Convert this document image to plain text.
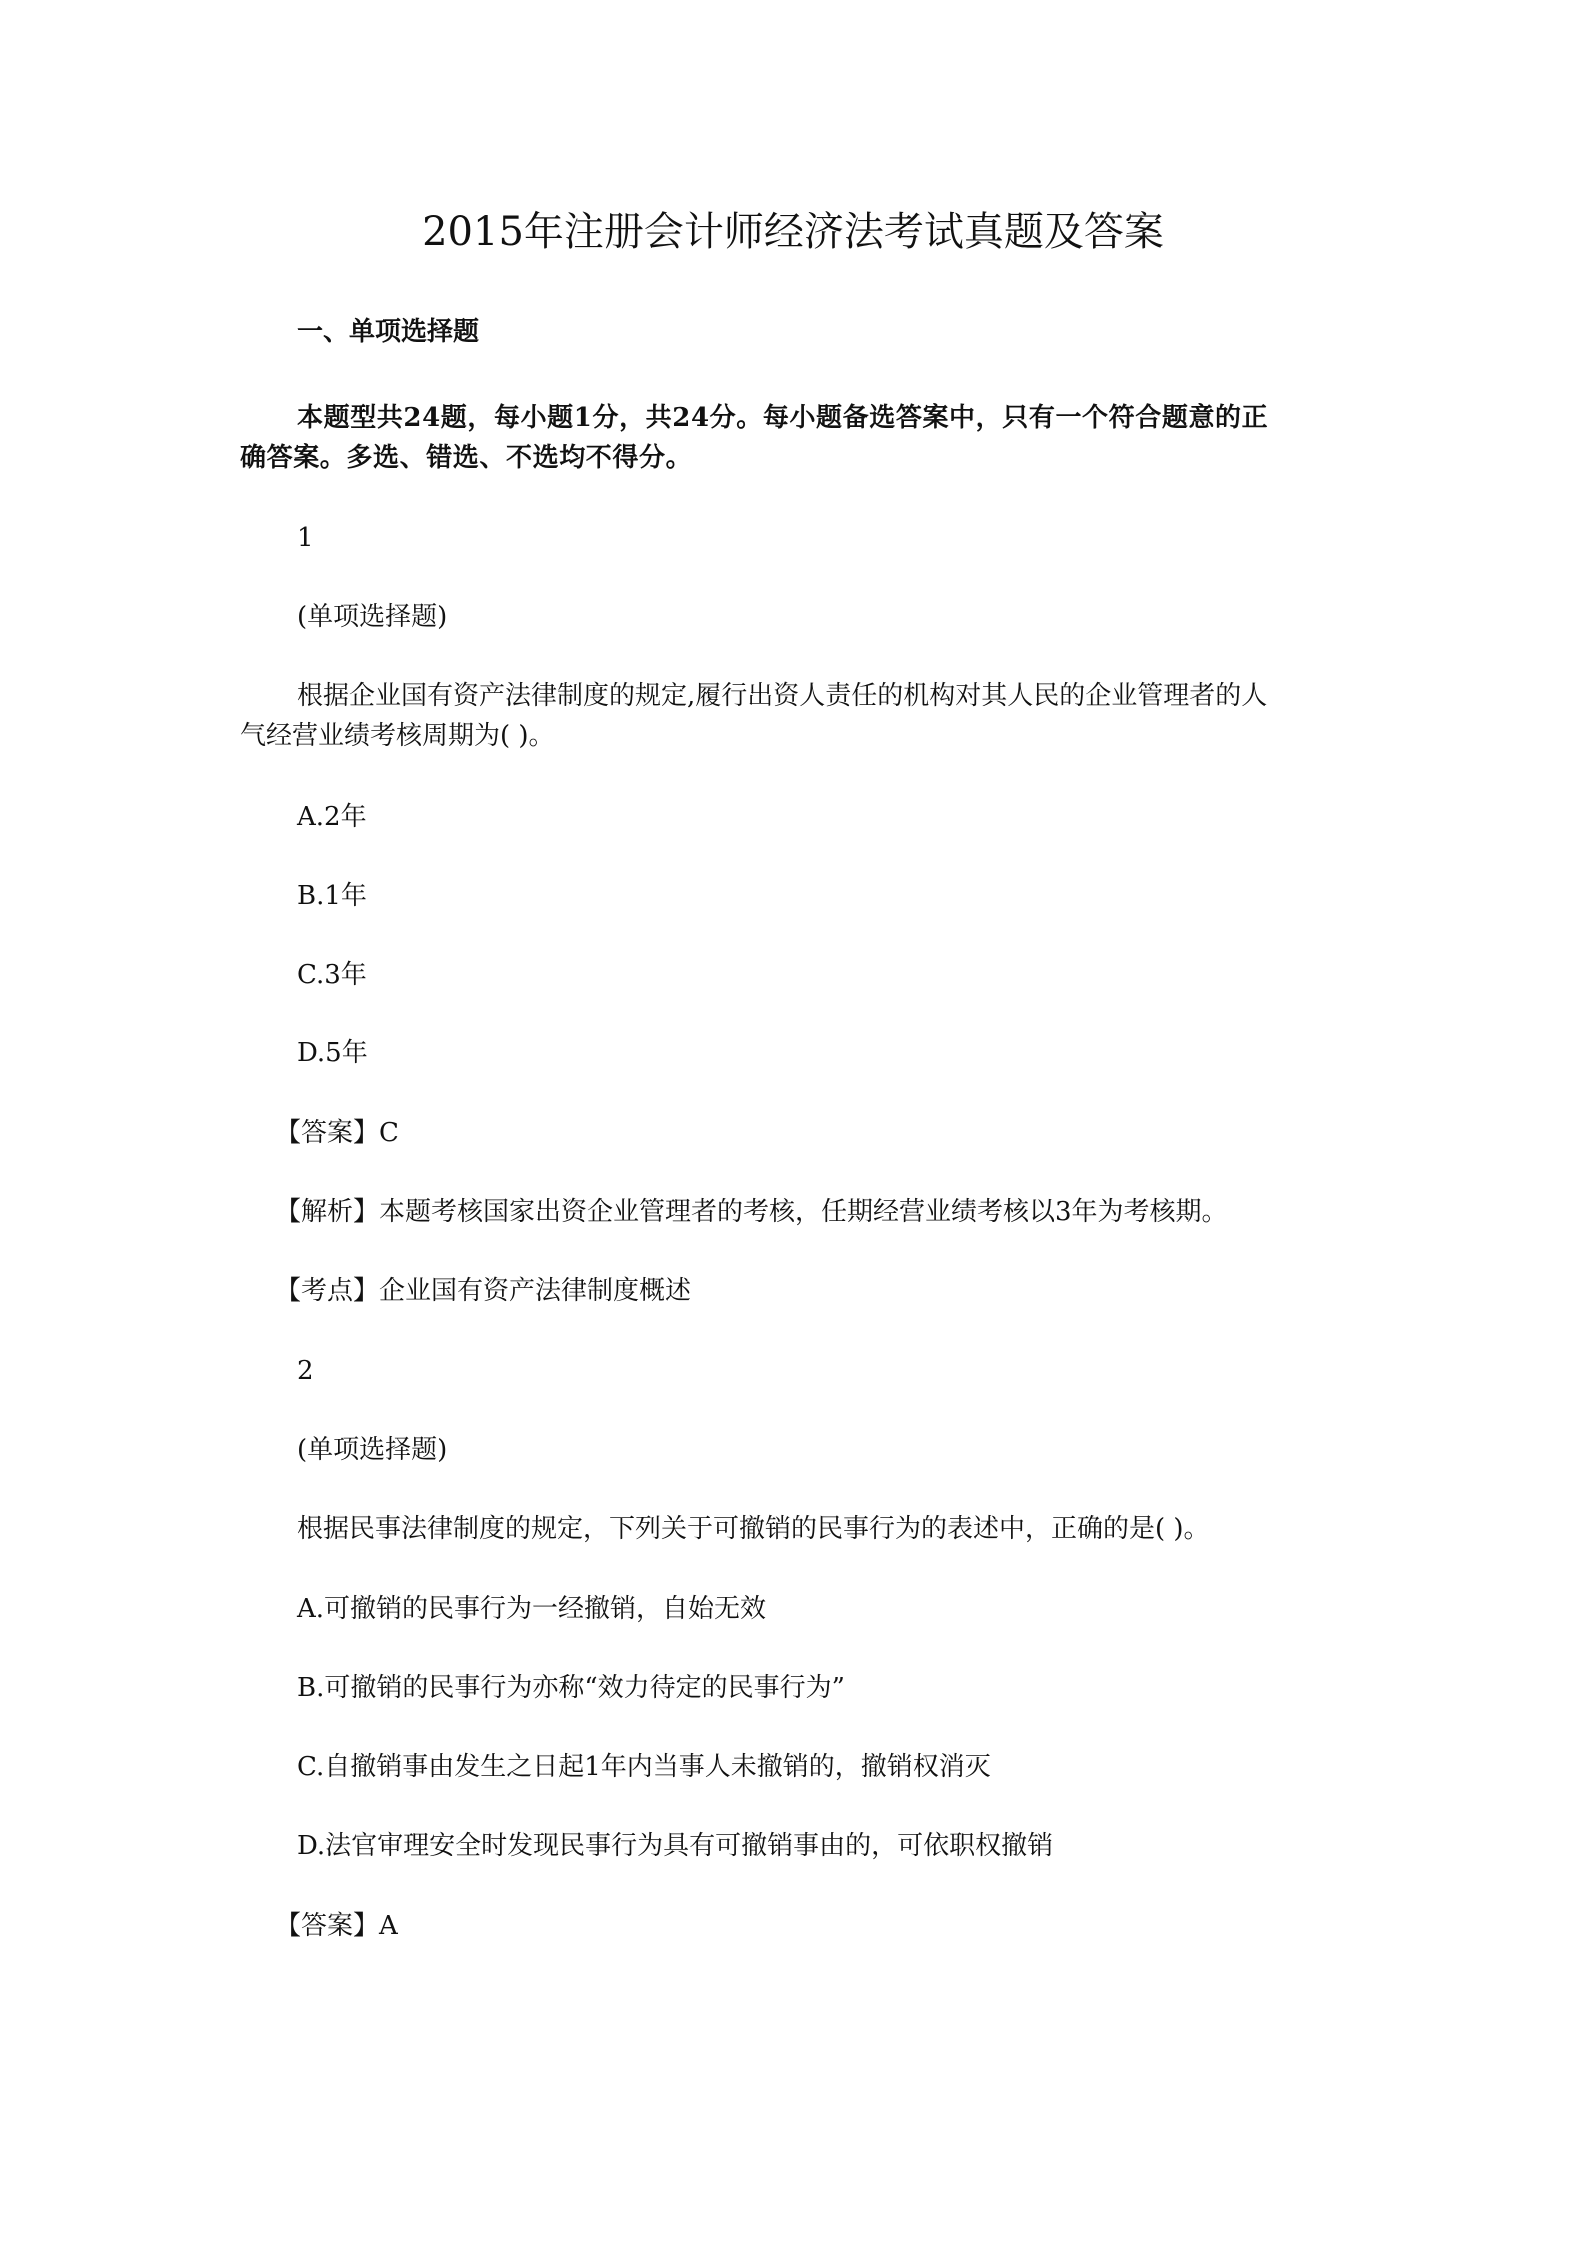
2015年注册会计师经济法考试真题及答案

一、单项选择题

本题型共24题，每小题1分，共24分。每小题备选答案中，只有一个符合题意的正
确答案。多选、错选、不选均不得分。

1

(单项选择题)

根据企业国有资产法律制度的规定,履行出资人责任的机构对其人民的企业管理者的人
气经营业绩考核周期为( )。

A.2年

B.1年

C.3年

D.5年

【答案】C

【解析】本题考核国家出资企业管理者的考核，任期经营业绩考核以3年为考核期。

【考点】企业国有资产法律制度概述

2

(单项选择题)

根据民事法律制度的规定，下列关于可撤销的民事行为的表述中，正确的是( )。

A.可撤销的民事行为一经撤销，自始无效

B.可撤销的民事行为亦称“效力待定的民事行为”

C.自撤销事由发生之日起1年内当事人未撤销的，撤销权消灭

D.法官审理安全时发现民事行为具有可撤销事由的，可依职权撤销

【答案】A
